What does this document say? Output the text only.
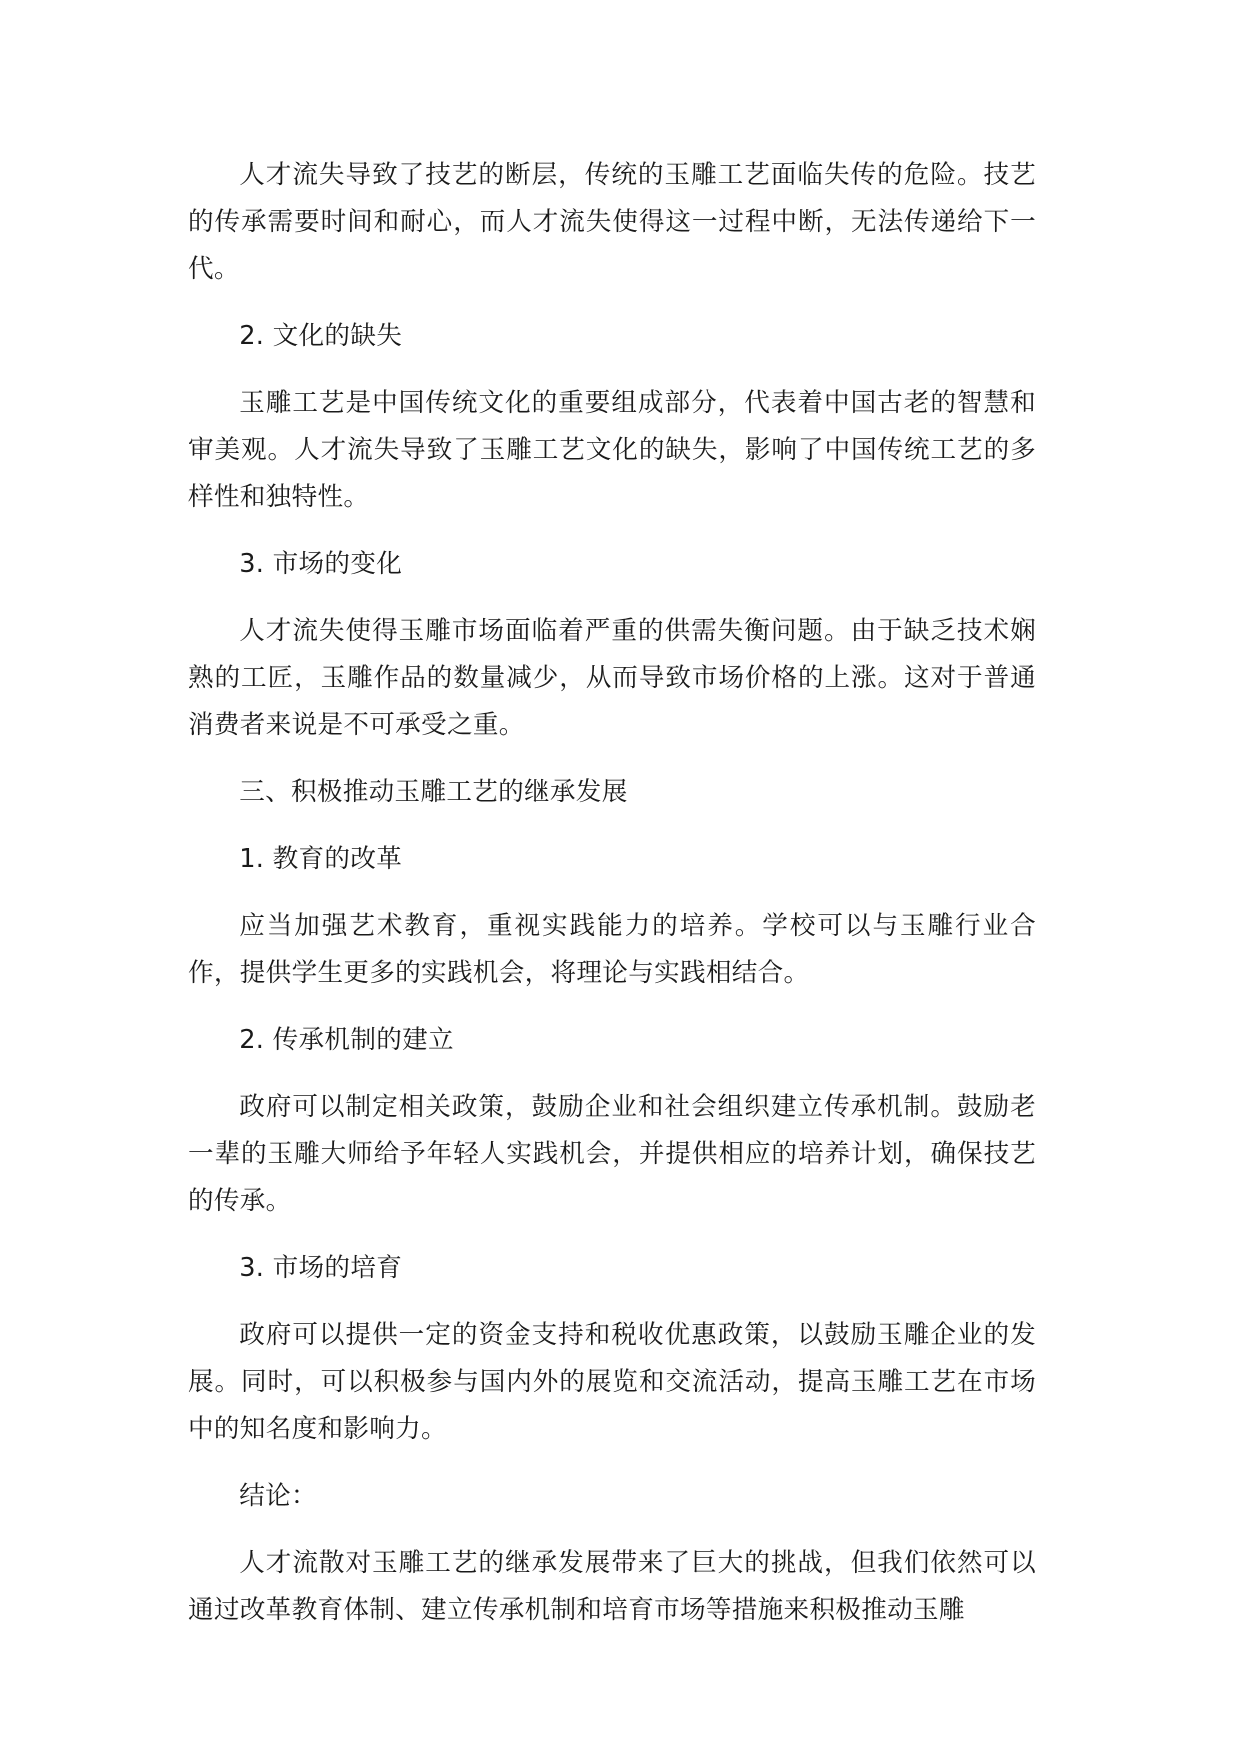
人才流失导致了技艺的断层，传统的玉雕工艺面临失传的危险。技艺的传承需要时间和耐心，而人才流失使得这一过程中断，无法传递给下一代。

2. 文化的缺失

玉雕工艺是中国传统文化的重要组成部分，代表着中国古老的智慧和审美观。人才流失导致了玉雕工艺文化的缺失，影响了中国传统工艺的多样性和独特性。

3. 市场的变化

人才流失使得玉雕市场面临着严重的供需失衡问题。由于缺乏技术娴熟的工匠，玉雕作品的数量减少，从而导致市场价格的上涨。这对于普通消费者来说是不可承受之重。

三、积极推动玉雕工艺的继承发展

1. 教育的改革

应当加强艺术教育，重视实践能力的培养。学校可以与玉雕行业合作，提供学生更多的实践机会，将理论与实践相结合。

2. 传承机制的建立

政府可以制定相关政策，鼓励企业和社会组织建立传承机制。鼓励老一辈的玉雕大师给予年轻人实践机会，并提供相应的培养计划，确保技艺的传承。

3. 市场的培育

政府可以提供一定的资金支持和税收优惠政策，以鼓励玉雕企业的发展。同时，可以积极参与国内外的展览和交流活动，提高玉雕工艺在市场中的知名度和影响力。

结论：

人才流散对玉雕工艺的继承发展带来了巨大的挑战，但我们依然可以通过改革教育体制、建立传承机制和培育市场等措施来积极推动玉雕
